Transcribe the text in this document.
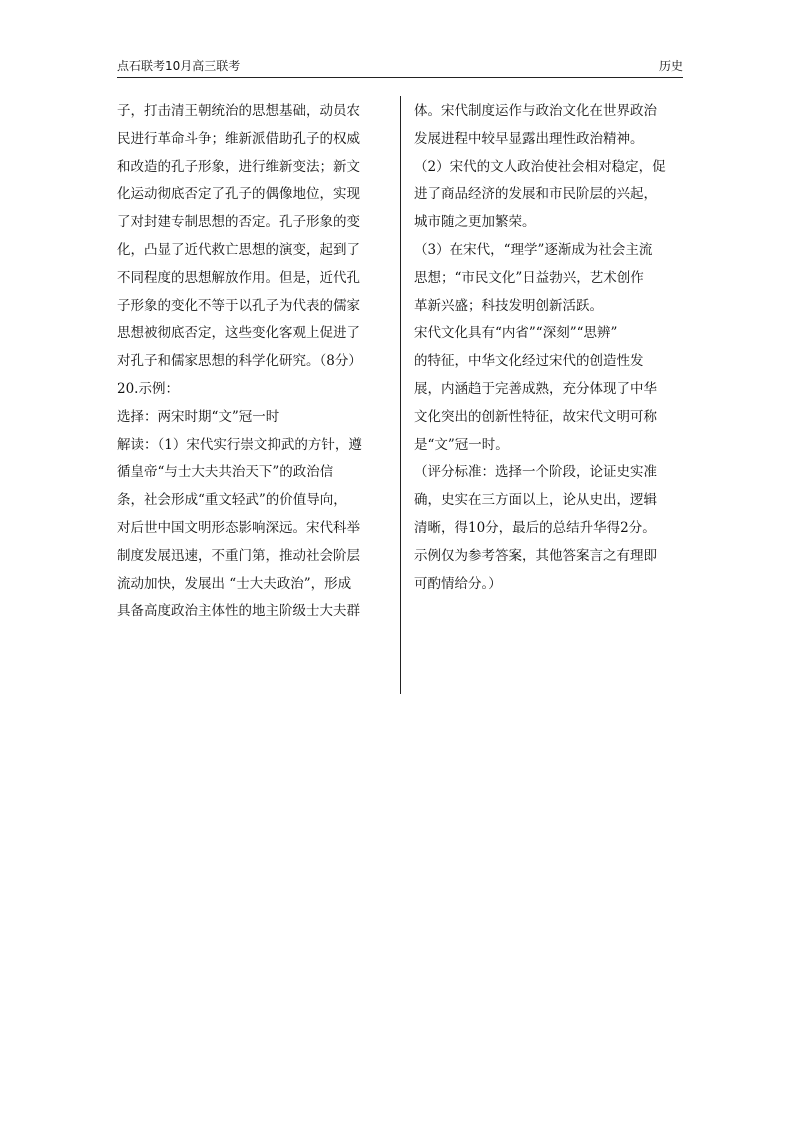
点石联考10月高三联考	历史
子，打击清王朝统治的思想基础，动员农
民进行革命斗争；维新派借助孔子的权威
和改造的孔子形象，进行维新变法；新文
化运动彻底否定了孔子的偶像地位，实现
了对封建专制思想的否定。孔子形象的变
化，凸显了近代救亡思想的演变，起到了
不同程度的思想解放作用。但是，近代孔
子形象的变化不等于以孔子为代表的儒家
思想被彻底否定，这些变化客观上促进了
对孔子和儒家思想的科学化研究。（8分）
20.示例：
选择：两宋时期“文”冠一时
解读：（1）宋代实行崇文抑武的方针，遵
循皇帝“与士大夫共治天下”的政治信
条，社会形成“重文轻武”的价值导向，
对后世中国文明形态影响深远。宋代科举
制度发展迅速，不重门第，推动社会阶层
流动加快，发展出 “士大夫政治”，形成
具备高度政治主体性的地主阶级士大夫群
体。宋代制度运作与政治文化在世界政治
发展进程中较早显露出理性政治精神。
（2）宋代的文人政治使社会相对稳定，促
进了商品经济的发展和市民阶层的兴起，
城市随之更加繁荣。
（3）在宋代，“理学”逐渐成为社会主流
思想；“市民文化”日益勃兴，艺术创作
革新兴盛；科技发明创新活跃。
宋代文化具有“内省”“深刻”“思辨”
的特征，中华文化经过宋代的创造性发
展，内涵趋于完善成熟，充分体现了中华
文化突出的创新性特征，故宋代文明可称
是“文”冠一时。
（评分标准：选择一个阶段，论证史实准
确，史实在三方面以上，论从史出，逻辑
清晰，得10分，最后的总结升华得2分。
示例仅为参考答案，其他答案言之有理即
可酌情给分。）
